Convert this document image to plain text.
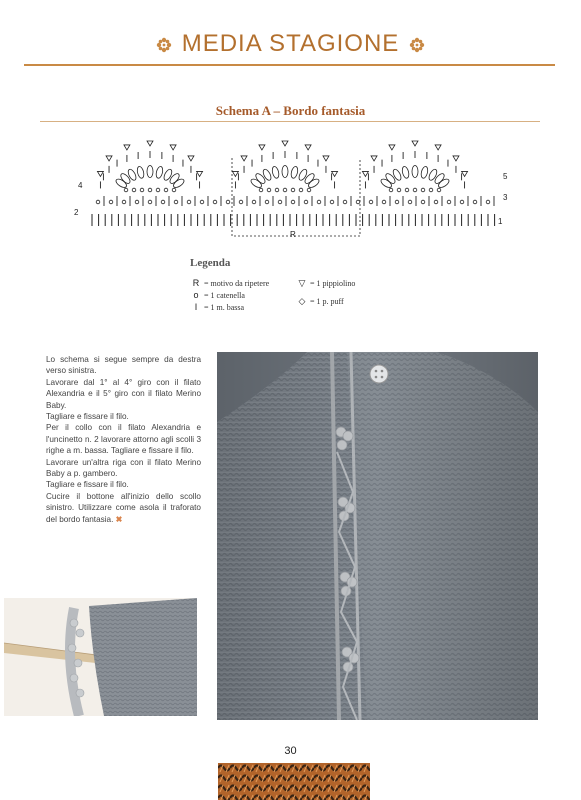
MEDIA STAGIONE
Schema A – Bordo fantasia
4
2
5
3
1
R
Legenda
R = motivo da ripetere
o = 1 catenella
I = 1 m. bassa
▽ = 1 pippiolino
◇ = 1 p. puff

Lo schema si segue sempre da destra verso sinistra.

Lavorare dal 1° al 4° giro con il filato Alexandria e il 5° giro con il filato Merino Baby.

Tagliare e fissare il filo.

Per il collo con il filato Alexandria e l'uncinetto n. 2 lavorare attorno agli scolli 3 righe a m. bassa. Tagliare e fissare il filo.

Lavorare un'altra riga con il filato Merino Baby a p. gambero.

Tagliare e fissare il filo.

Cucire il bottone all'inizio dello scollo sinistro. Utilizzare come asola il traforato del bordo fantasia. ✖

30
PassionForum.ru
